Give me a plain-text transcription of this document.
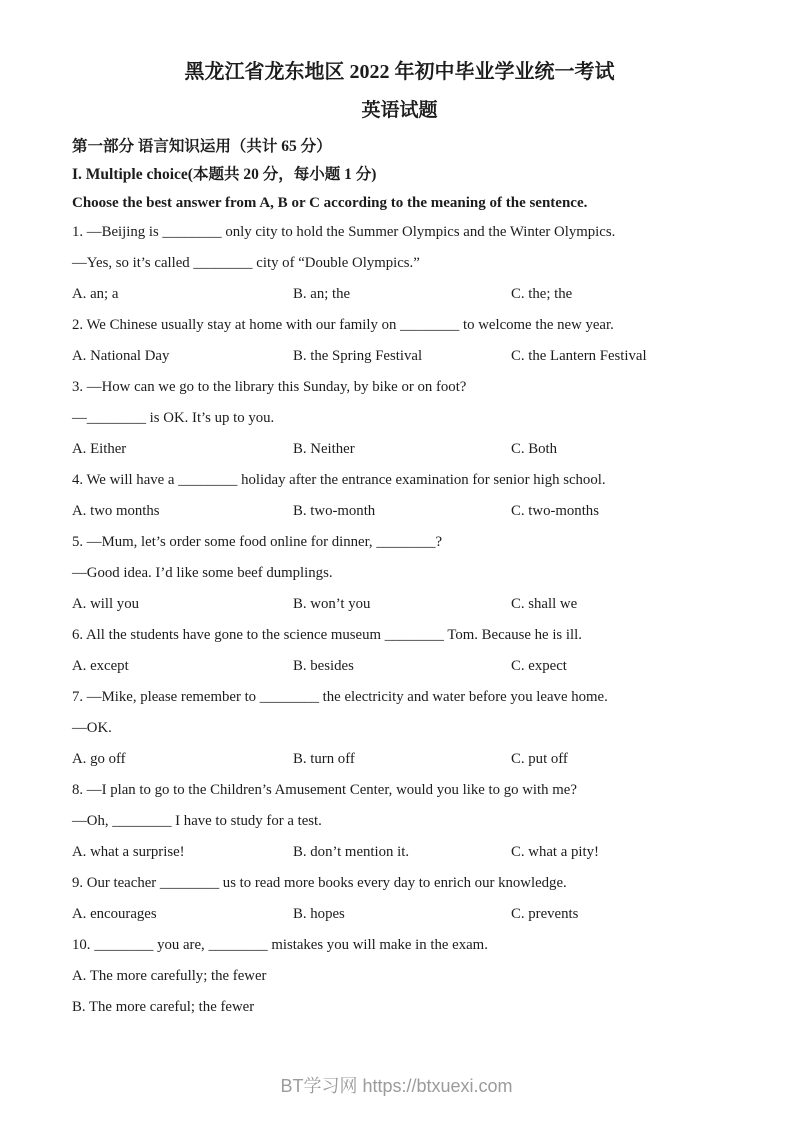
黑龙江省龙东地区 2022 年初中毕业学业统一考试
英语试题

第一部分 语言知识运用（共计 65 分）

I. Multiple choice(本题共 20 分，每小题 1 分)

Choose the best answer from A, B or C according to the meaning of the sentence.

1. —Beijing is ________ only city to hold the Summer Olympics and the Winter Olympics.

—Yes, so it’s called ________ city of “Double Olympics.”

A. an; a	B. an; the	C. the; the

2. We Chinese usually stay at home with our family on ________ to welcome the new year.

A. National Day	B. the Spring Festival	C. the Lantern Festival

3. —How can we go to the library this Sunday, by bike or on foot?

—________ is OK. It’s up to you.

A. Either	B. Neither	C. Both

4. We will have a ________ holiday after the entrance examination for senior high school.

A. two months	B. two-month	C. two-months

5. —Mum, let’s order some food online for dinner, ________?

—Good idea. I’d like some beef dumplings.

A. will you	B. won’t you	C. shall we

6. All the students have gone to the science museum ________ Tom. Because he is ill.

A. except	B. besides	C. expect

7. —Mike, please remember to ________ the electricity and water before you leave home.

—OK.

A. go off	B. turn off	C. put off

8. —I plan to go to the Children’s Amusement Center, would you like to go with me?

—Oh, ________ I have to study for a test.

A. what a surprise!	B. don’t mention it.	C. what a pity!

9. Our teacher ________ us to read more books every day to enrich our knowledge.

A. encourages	B. hopes	C. prevents

10. ________ you are, ________ mistakes you will make in the exam.

A. The more carefully; the fewer

B. The more careful; the fewer

BT学习网 https://btxuexi.com
